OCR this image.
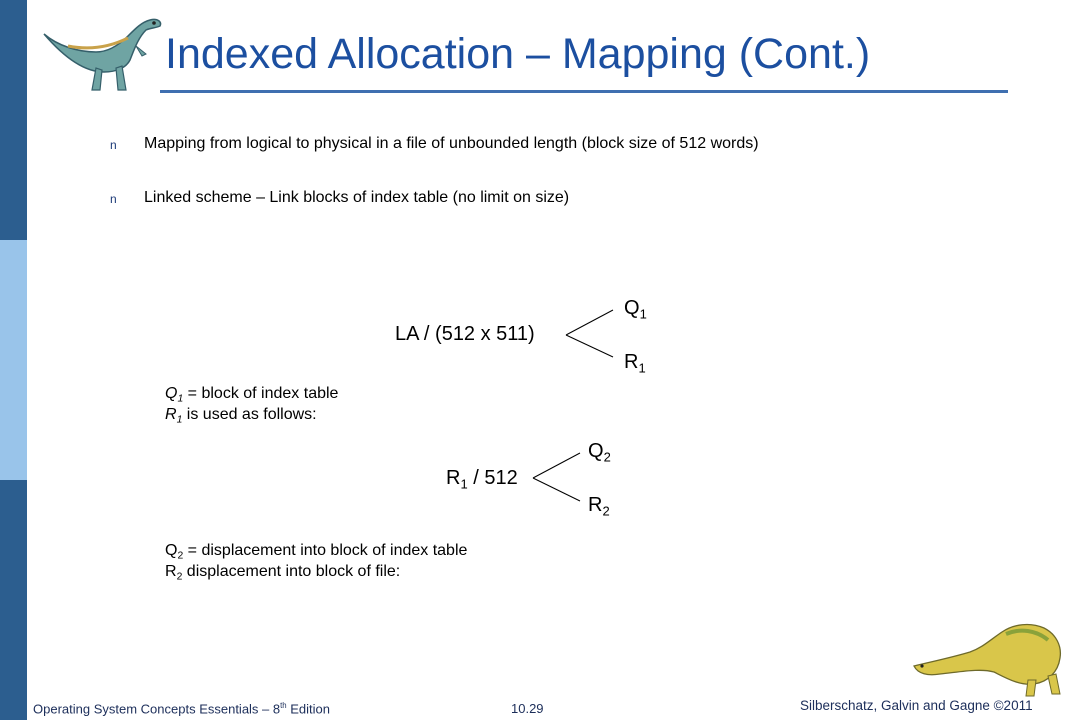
Indexed Allocation – Mapping (Cont.)
n Mapping from logical to physical in a file of unbounded length (block size of 512 words)
n Linked scheme – Link blocks of index table (no limit on size)
LA / (512 x 511)
$Q_1$
$R_1$
$Q_1$ = block of index table
$R_1$ is used as follows:
$R_1 / 512$
$Q_2$
$R_2$
$Q_2$ = displacement into block of index table
$R_2$ displacement into block of file:
Operating System Concepts Essentials – 8th Edition	10.29	Silberschatz, Galvin and Gagne ©2011
